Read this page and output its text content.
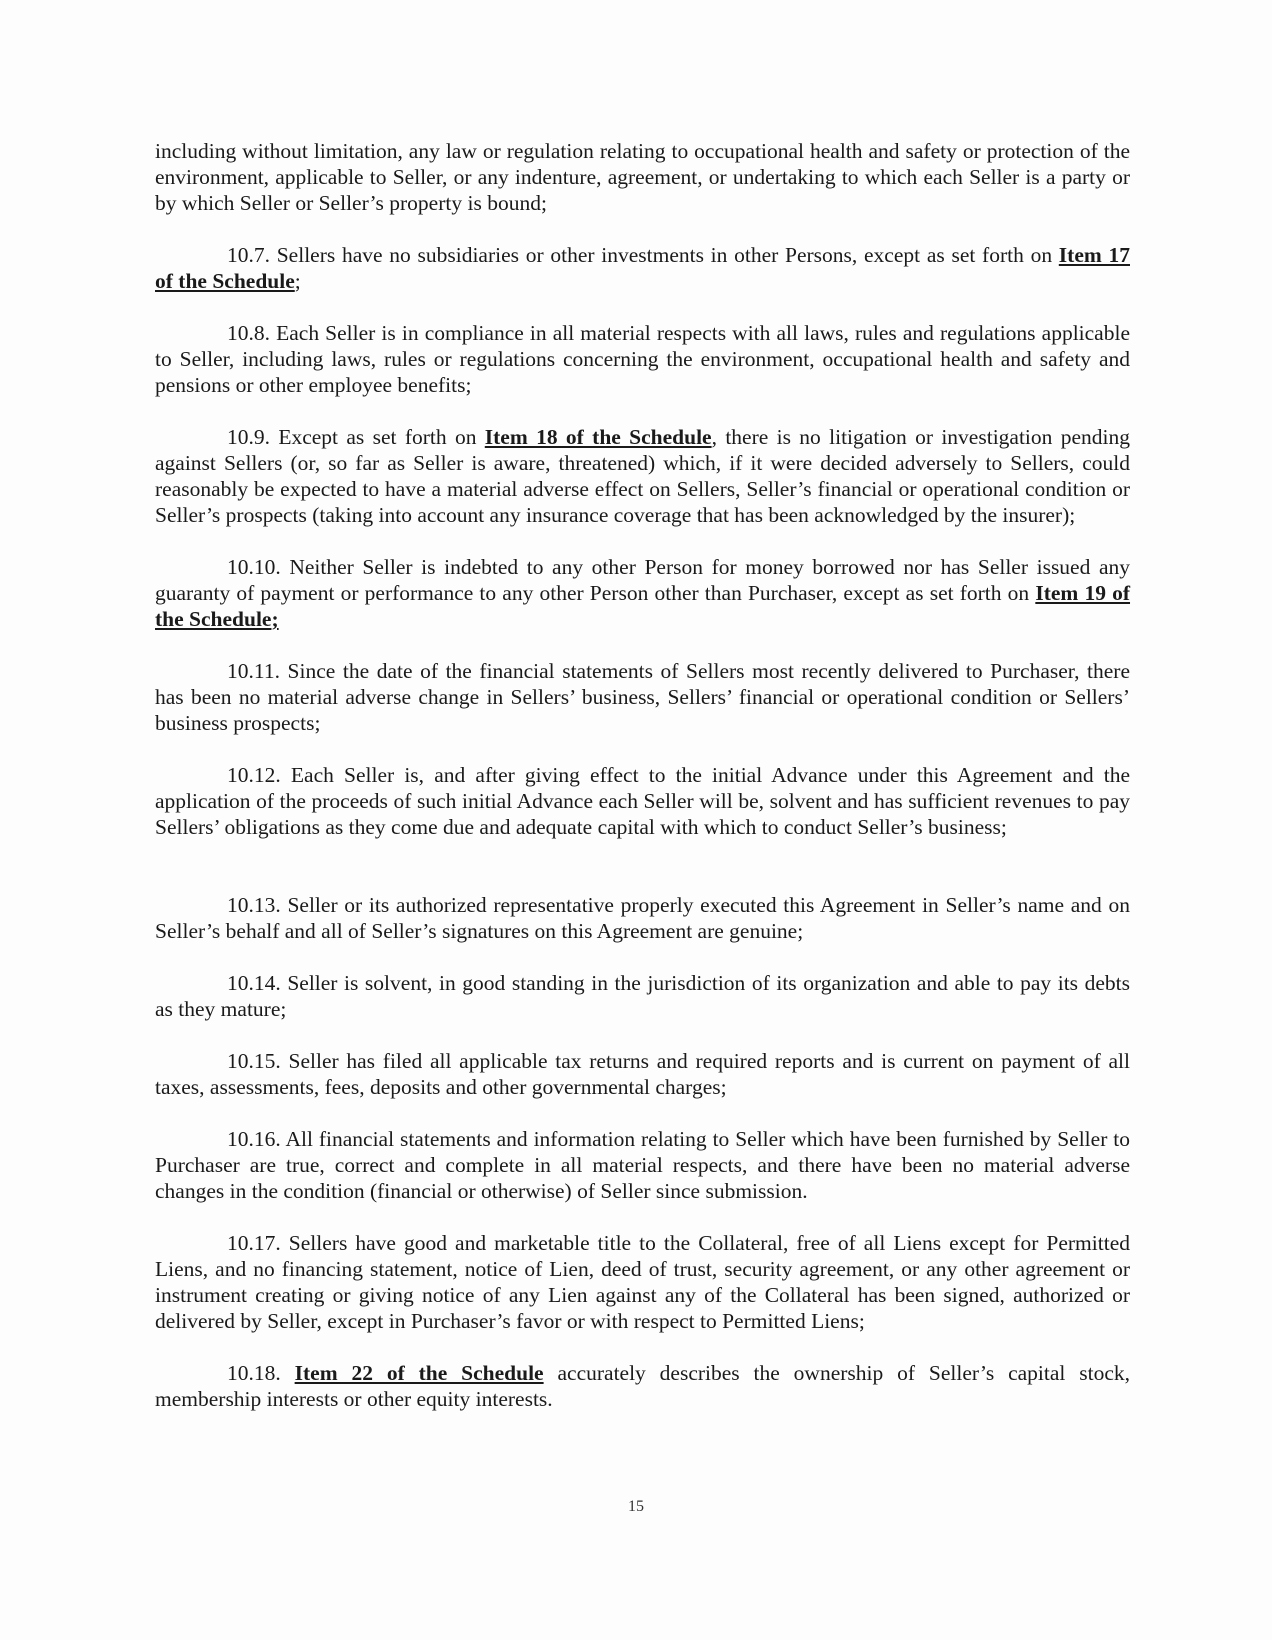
including without limitation, any law or regulation relating to occupational health and safety or protection of the environment, applicable to Seller, or any indenture, agreement, or undertaking to which each Seller is a party or by which Seller or Seller’s property is bound;

10.7. Sellers have no subsidiaries or other investments in other Persons, except as set forth on Item 17 of the Schedule;

10.8. Each Seller is in compliance in all material respects with all laws, rules and regulations applicable to Seller, including laws, rules or regulations concerning the environment, occupational health and safety and pensions or other employee benefits;

10.9. Except as set forth on Item 18 of the Schedule, there is no litigation or investigation pending against Sellers (or, so far as Seller is aware, threatened) which, if it were decided adversely to Sellers, could reasonably be expected to have a material adverse effect on Sellers, Seller’s financial or operational condition or Seller’s prospects (taking into account any insurance coverage that has been acknowledged by the insurer);

10.10. Neither Seller is indebted to any other Person for money borrowed nor has Seller issued any guaranty of payment or performance to any other Person other than Purchaser, except as set forth on Item 19 of the Schedule;

10.11. Since the date of the financial statements of Sellers most recently delivered to Purchaser, there has been no material adverse change in Sellers’ business, Sellers’ financial or operational condition or Sellers’ business prospects;

10.12. Each Seller is, and after giving effect to the initial Advance under this Agreement and the application of the proceeds of such initial Advance each Seller will be, solvent and has sufficient revenues to pay Sellers’ obligations as they come due and adequate capital with which to conduct Seller’s business;

10.13. Seller or its authorized representative properly executed this Agreement in Seller’s name and on Seller’s behalf and all of Seller’s signatures on this Agreement are genuine;

10.14. Seller is solvent, in good standing in the jurisdiction of its organization and able to pay its debts as they mature;

10.15. Seller has filed all applicable tax returns and required reports and is current on payment of all taxes, assessments, fees, deposits and other governmental charges;

10.16. All financial statements and information relating to Seller which have been furnished by Seller to Purchaser are true, correct and complete in all material respects, and there have been no material adverse changes in the condition (financial or otherwise) of Seller since submission.

10.17. Sellers have good and marketable title to the Collateral, free of all Liens except for Permitted Liens, and no financing statement, notice of Lien, deed of trust, security agreement, or any other agreement or instrument creating or giving notice of any Lien against any of the Collateral has been signed, authorized or delivered by Seller, except in Purchaser’s favor or with respect to Permitted Liens;

10.18. Item 22 of the Schedule accurately describes the ownership of Seller’s capital stock, membership interests or other equity interests.

15
